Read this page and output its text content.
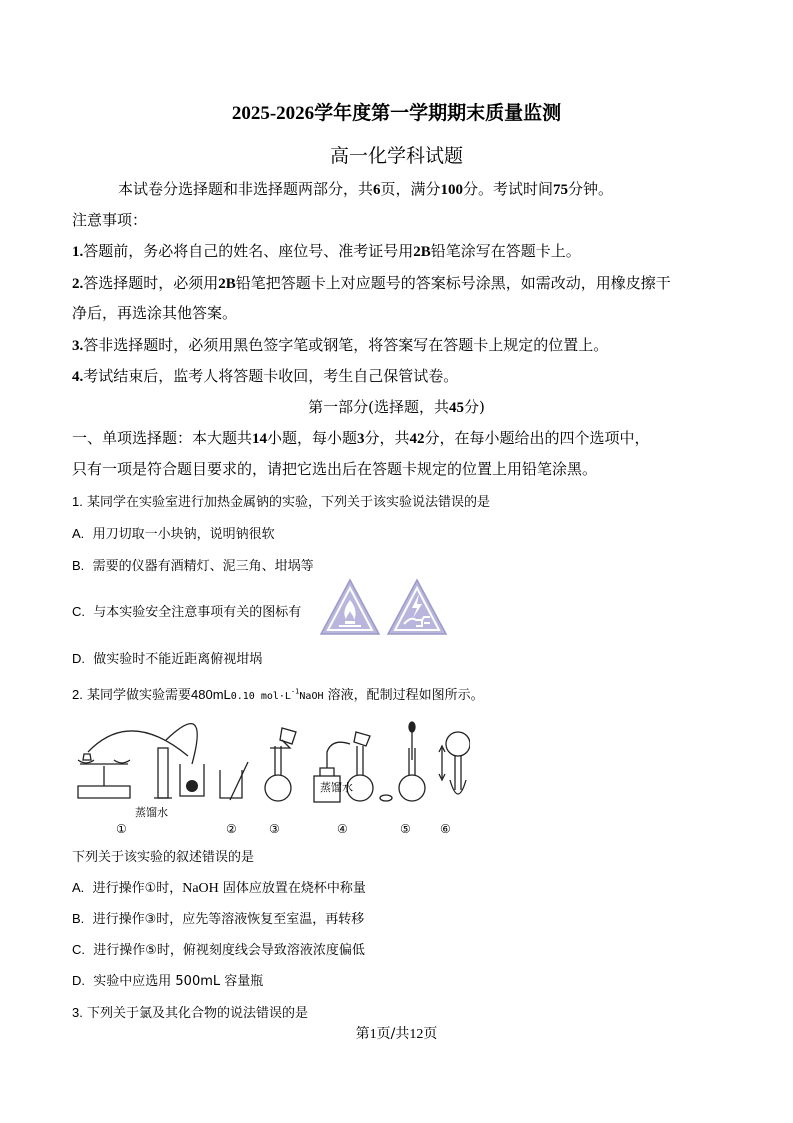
2025-2026学年度第一学期期末质量监测
高一化学科试题
本试卷分选择题和非选择题两部分，共6页，满分100分。考试时间75分钟。
注意事项：
1.答题前，务必将自己的姓名、座位号、准考证号用2B铅笔涂写在答题卡上。
2.答选择题时，必须用2B铅笔把答题卡上对应题号的答案标号涂黑，如需改动，用橡皮擦干
净后，再选涂其他答案。
3.答非选择题时，必须用黑色签字笔或钢笔，将答案写在答题卡上规定的位置上。
4.考试结束后，监考人将答题卡收回，考生自己保管试卷。
第一部分(选择题，共45分)
一、单项选择题：本大题共14小题，每小题3分，共42分，在每小题给出的四个选项中，
只有一项是符合题目要求的，请把它选出后在答题卡规定的位置上用铅笔涂黑。
1. 某同学在实验室进行加热金属钠的实验，下列关于该实验说法错误的是
A. 用刀切取一小块钠，说明钠很软
B. 需要的仪器有酒精灯、泥三角、坩埚等
C. 与本实验安全注意事项有关的图标有
D. 做实验时不能近距离俯视坩埚
2. 某同学做实验需要480mL0.10 $mol\cdot L^{-1}NaOH$ 溶液，配制过程如图所示。
蒸馏水
蒸馏水
①	②	③	④	⑤ ⑥
下列关于该实验的叙述错误的是
A. 进行操作①时，NaOH 固体应放置在烧杯中称量
B. 进行操作③时，应先等溶液恢复至室温，再转移
C. 进行操作⑤时，俯视刻度线会导致溶液浓度偏低
D. 实验中应选用 500mL 容量瓶
3. 下列关于氯及其化合物的说法错误的是
第1页/共12页
